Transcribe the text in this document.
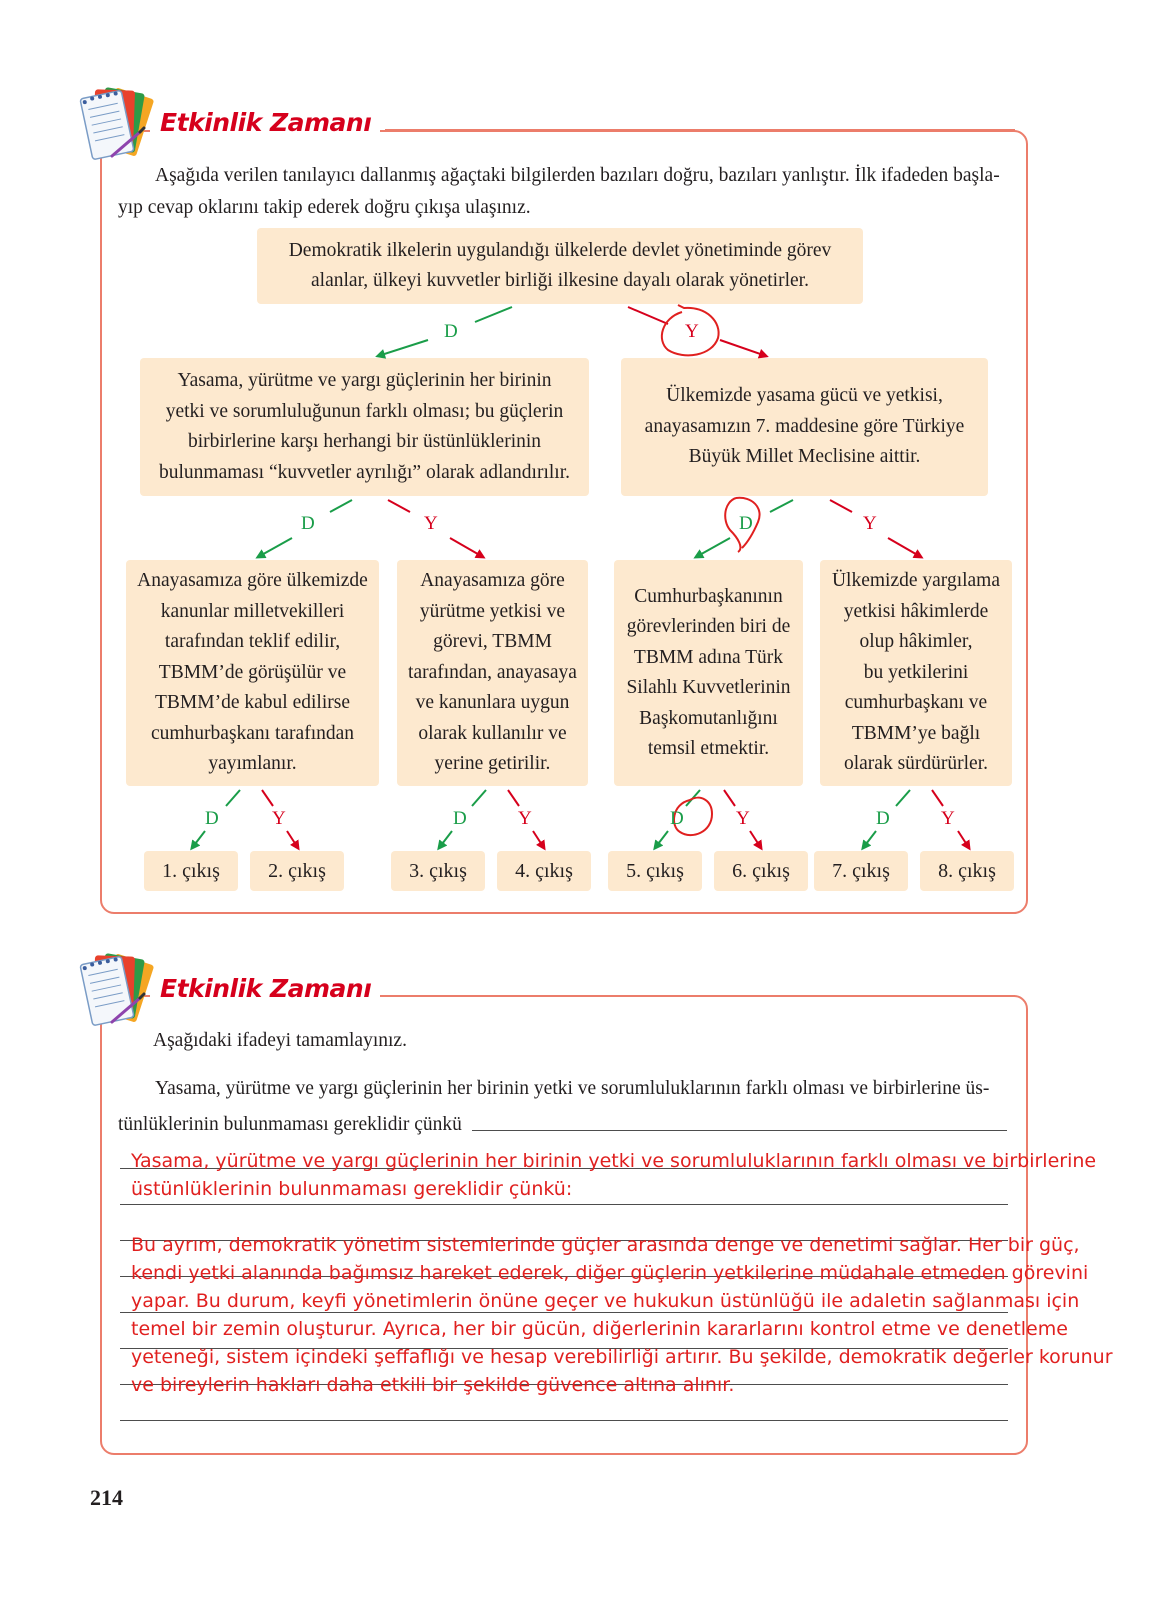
Etkinlik Zamanı
Aşağıda verilen tanılayıcı dallanmış ağaçtaki bilgilerden bazıları doğru, bazıları yanlıştır. İlk ifadeden başla-
yıp cevap oklarını takip ederek doğru çıkışa ulaşınız.
Demokratik ilkelerin uygulandığı ülkelerde devlet yönetiminde görev
alanlar, ülkeyi kuvvetler birliği ilkesine dayalı olarak yönetirler.
Yasama, yürütme ve yargı güçlerinin her birinin
yetki ve sorumluluğunun farklı olması; bu güçlerin
birbirlerine karşı herhangi bir üstünlüklerinin
bulunmaması “kuvvetler ayrılığı” olarak adlandırılır.
Ülkemizde yasama gücü ve yetkisi,
anayasamızın 7. maddesine göre Türkiye
Büyük Millet Meclisine aittir.
Anayasamıza göre ülkemizde
kanunlar milletvekilleri
tarafından teklif edilir,
TBMM’de görüşülür ve
TBMM’de kabul edilirse
cumhurbaşkanı tarafından
yayımlanır.
Anayasamıza göre
yürütme yetkisi ve
görevi, TBMM
tarafından, anayasaya
ve kanunlara uygun
olarak kullanılır ve
yerine getirilir.
Cumhurbaşkanının
görevlerinden biri de
TBMM adına Türk
Silahlı Kuvvetlerinin
Başkomutanlığını
temsil etmektir.
Ülkemizde yargılama
yetkisi hâkimlerde
olup hâkimler,
bu yetkilerini
cumhurbaşkanı ve
TBMM’ye bağlı
olarak sürdürürler.
D	Y
D	Y	D	Y
D	Y	D	Y	D	Y	D	Y
1. çıkış	2. çıkış	3. çıkış	4. çıkış	5. çıkış	6. çıkış	7. çıkış	8. çıkış
Etkinlik Zamanı
Aşağıdaki ifadeyi tamamlayınız.
Yasama, yürütme ve yargı güçlerinin her birinin yetki ve sorumluluklarının farklı olması ve birbirlerine üs-
tünlüklerinin bulunmaması gereklidir çünkü
Yasama, yürütme ve yargı güçlerinin her birinin yetki ve sorumluluklarının farklı olması ve birbirlerine
üstünlüklerinin bulunmaması gereklidir çünkü:
Bu ayrım, demokratik yönetim sistemlerinde güçler arasında denge ve denetimi sağlar. Her bir güç,
kendi yetki alanında bağımsız hareket ederek, diğer güçlerin yetkilerine müdahale etmeden görevini
yapar. Bu durum, keyfi yönetimlerin önüne geçer ve hukukun üstünlüğü ile adaletin sağlanması için
temel bir zemin oluşturur. Ayrıca, her bir gücün, diğerlerinin kararlarını kontrol etme ve denetleme
yeteneği, sistem içindeki şeffaflığı ve hesap verebilirliği artırır. Bu şekilde, demokratik değerler korunur
ve bireylerin hakları daha etkili bir şekilde güvence altına alınır.
214
